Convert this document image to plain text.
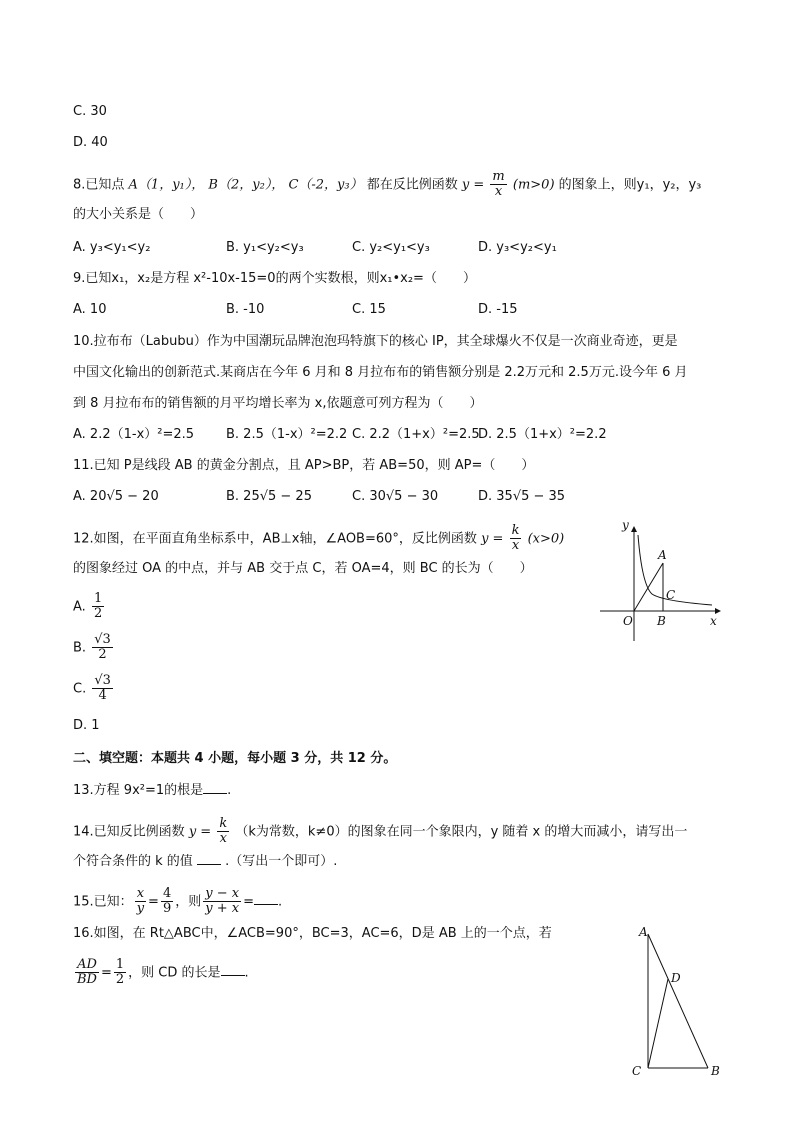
C. 30
D. 40
8.已知点 A（1，y₁）， B（2，y₂）， C（-2，y₃） 都在反比例函数 $y = \frac{m}{x} (m>0)$ 的图象上，则y₁，y₂，y₃
的大小关系是（　　）
A. y₃<y₁<y₂	B. y₁<y₂<y₃	C. y₂<y₁<y₃	D. y₃<y₂<y₁
9.已知x₁，x₂是方程 x²-10x-15=0的两个实数根，则x₁•x₂=（　　）
A. 10	B. -10	C. 15	D. -15
10.拉布布（Labubu）作为中国潮玩品牌泡泡玛特旗下的核心 IP，其全球爆火不仅是一次商业奇迹，更是
中国文化输出的创新范式.某商店在今年 6 月和 8 月拉布布的销售额分别是 2.2万元和 2.5万元.设今年 6 月
到 8 月拉布布的销售额的月平均增长率为 x,依题意可列方程为（　　）
A. 2.2（1-x）²=2.5 B. 2.5（1-x）²=2.2 C. 2.2（1+x）²=2.5
D. 2.5（1+x）²=2.2
11.已知 P是线段 AB 的黄金分割点，且 AP>BP，若 AB=50，则 AP=（　　）
A. 20√5 − 20	B. 25√5 − 25	C. 30√5 − 30	D. 35√5 − 35
12.如图，在平面直角坐标系中，AB⊥x轴，∠AOB=60°，反比例函数 $y = \frac{k}{x} (x>0)$
的图象经过 OA 的中点，并与 AB 交于点 C，若 OA=4，则 BC 的长为（　　）
A. $\frac{1}{2}$
B. $\frac{√3}{2}$
C. $\frac{√3}{4}$
D. 1
y
x
O
A
B
C
二、填空题：本题共 4 小题，每小题 3 分，共 12 分。
13.方程 9x²=1的根是 .
14.已知反比例函数 $y = \frac{k}{x} (k$为常数，k≠0）的图象在同一个象限内，y 随着 x 的增大而减小，请写出一
个符合条件的 k 的值 .（写出一个即可）.
15.已知： $\frac{x}{y} = \frac{4}{9}$ ，则 $\frac{y - x}{y + x}$ = .
16.如图，在 Rt△ABC中，∠ACB=90°，BC=3，AC=6，D是 AB 上的一个点，若
$\frac{AD}{BD} = \frac{1}{2}$ ，则 CD 的长是 .
A
D
C	B
